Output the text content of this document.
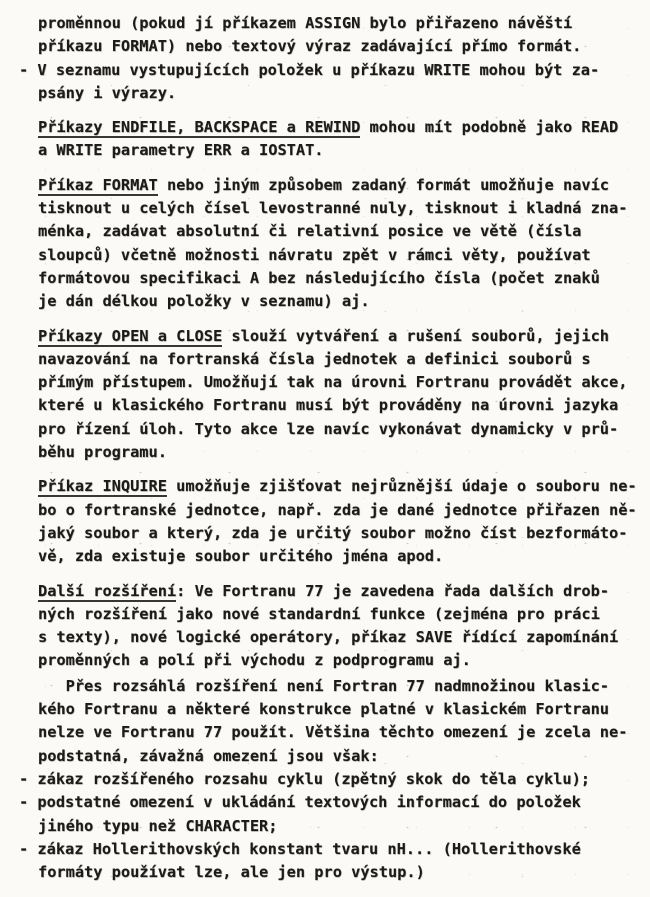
proměnnou (pokud jí příkazem ASSIGN bylo přiřazeno návěští
příkazu FORMAT) nebo textový výraz zadávající přímo formát.
- V seznamu vystupujících položek u příkazu WRITE mohou být za-
psány i výrazy.

Příkazy ENDFILE, BACKSPACE a REWIND mohou mít podobně jako READ
a WRITE parametry ERR a IOSTAT.

Příkaz FORMAT nebo jiným způsobem zadaný formát umožňuje navíc
tisknout u celých čísel levostranné nuly, tisknout i kladná zna-
ménka, zadávat absolutní či relativní posice ve větě (čísla
sloupců) včetně možnosti návratu zpět v rámci věty, používat
formátovou specifikaci A bez následujícího čísla (počet znaků
je dán délkou položky v seznamu) aj.

Příkazy OPEN a CLOSE slouží vytváření a rušení souborů, jejich
navazování na fortranská čísla jednotek a definici souborů s
přímým přístupem. Umožňují tak na úrovni Fortranu provádět akce,
které u klasického Fortranu musí být prováděny na úrovni jazyka
pro řízení úloh. Tyto akce lze navíc vykonávat dynamicky v prů-
běhu programu.

Příkaz INQUIRE umožňuje zjišťovat nejrůznější údaje o souboru ne-
bo o fortranské jednotce, např. zda je dané jednotce přiřazen ně-
jaký soubor a který, zda je určitý soubor možno číst bezformáto-
vě, zda existuje soubor určitého jména apod.

Další rozšíření: Ve Fortranu 77 je zavedena řada dalších drob-
ných rozšíření jako nové standardní funkce (zejména pro práci
s texty), nové logické operátory, příkaz SAVE řídící zapomínání
proměnných a polí při východu z podprogramu aj.

Přes rozsáhlá rozšíření není Fortran 77 nadmnožinou klasic-
kého Fortranu a některé konstrukce platné v klasickém Fortranu
nelze ve Fortranu 77 použít. Většina těchto omezení je zcela ne-
podstatná, závažná omezení jsou však:
- zákaz rozšířeného rozsahu cyklu (zpětný skok do těla cyklu);
- podstatné omezení v ukládání textových informací do položek
jiného typu než CHARACTER;
- zákaz Hollerithovských konstant tvaru nH... (Hollerithovské
formáty používat lze, ale jen pro výstup.)
